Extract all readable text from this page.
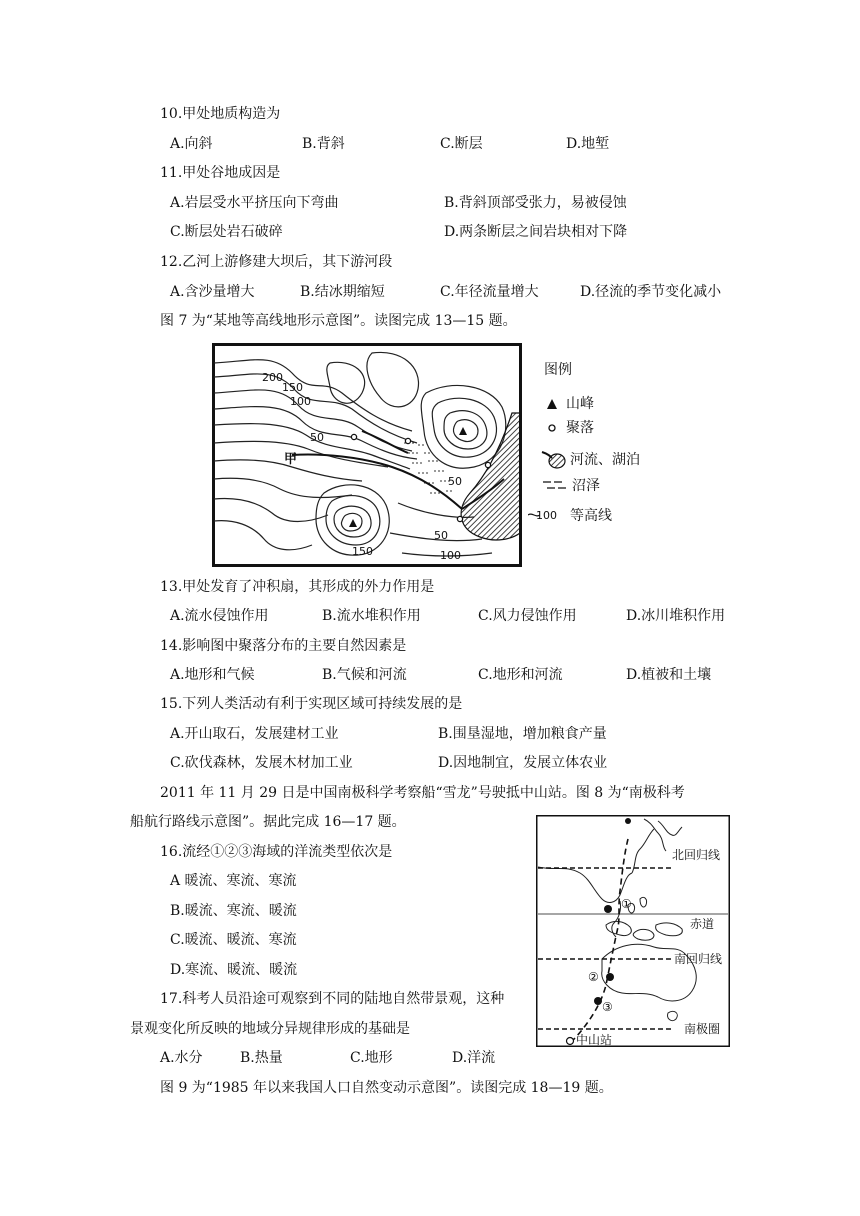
10.甲处地质构造为
A.向斜	B.背斜	C.断层	D.地堑
11.甲处谷地成因是
A.岩层受水平挤压向下弯曲	B.背斜顶部受张力，易被侵蚀
C.断层处岩石破碎	D.两条断层之间岩块相对下降
12.乙河上游修建大坝后，其下游河段
A.含沙量增大	B.结冰期缩短	C.年径流量增大	D.径流的季节变化减小
图 7 为“某地等高线地形示意图”。读图完成 13—15 题。
200
150
100
50
50
50
150	100
甲
图例
山峰
聚落
河流、湖泊
沼泽
100 等高线
13.甲处发育了冲积扇，其形成的外力作用是
A.流水侵蚀作用	B.流水堆积作用	C.风力侵蚀作用	D.冰川堆积作用
14.影响图中聚落分布的主要自然因素是
A.地形和气候	B.气候和河流	C.地形和河流	D.植被和土壤
15.下列人类活动有利于实现区域可持续发展的是
A.开山取石，发展建材工业	B.围垦湿地，增加粮食产量
C.砍伐森林，发展木材加工业	D.因地制宜，发展立体农业
2011 年 11 月 29 日是中国南极科学考察船“雪龙”号驶抵中山站。图 8 为“南极科考
船航行路线示意图”。据此完成 16—17 题。
16.流经①②③海域的洋流类型依次是
A 暖流、寒流、寒流
B.暖流、寒流、暖流
C.暖流、暖流、寒流
D.寒流、暖流、暖流
17.科考人员沿途可观察到不同的陆地自然带景观，这种
景观变化所反映的地域分异规律形成的基础是
A.水分	B.热量	C.地形	D.洋流
北回归线
赤道
南回归线
南极圈
中山站
①
②
③
图 9 为“1985 年以来我国人口自然变动示意图”。读图完成 18—19 题。
